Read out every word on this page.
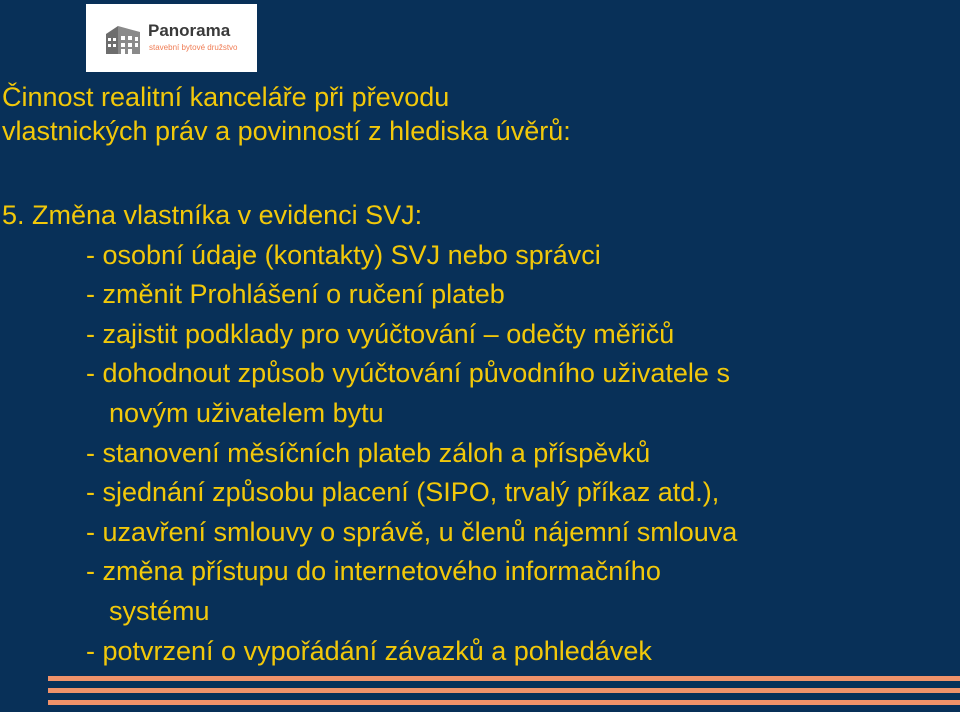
Panorama
stavební bytové družstvo
Činnost realitní kanceláře při převodu
vlastnických práv a povinností z hlediska úvěrů:
5. Změna vlastníka v evidenci SVJ:
- osobní údaje (kontakty) SVJ nebo správci
- změnit Prohlášení o ručení plateb
- zajistit podklady pro vyúčtování – odečty měřičů
- dohodnout způsob vyúčtování původního uživatele s
novým uživatelem bytu
- stanovení měsíčních plateb záloh a příspěvků
- sjednání způsobu placení (SIPO, trvalý příkaz atd.),
- uzavření smlouvy o správě, u členů nájemní smlouva
- změna přístupu do internetového informačního
systému
- potvrzení o vypořádání závazků a pohledávek
